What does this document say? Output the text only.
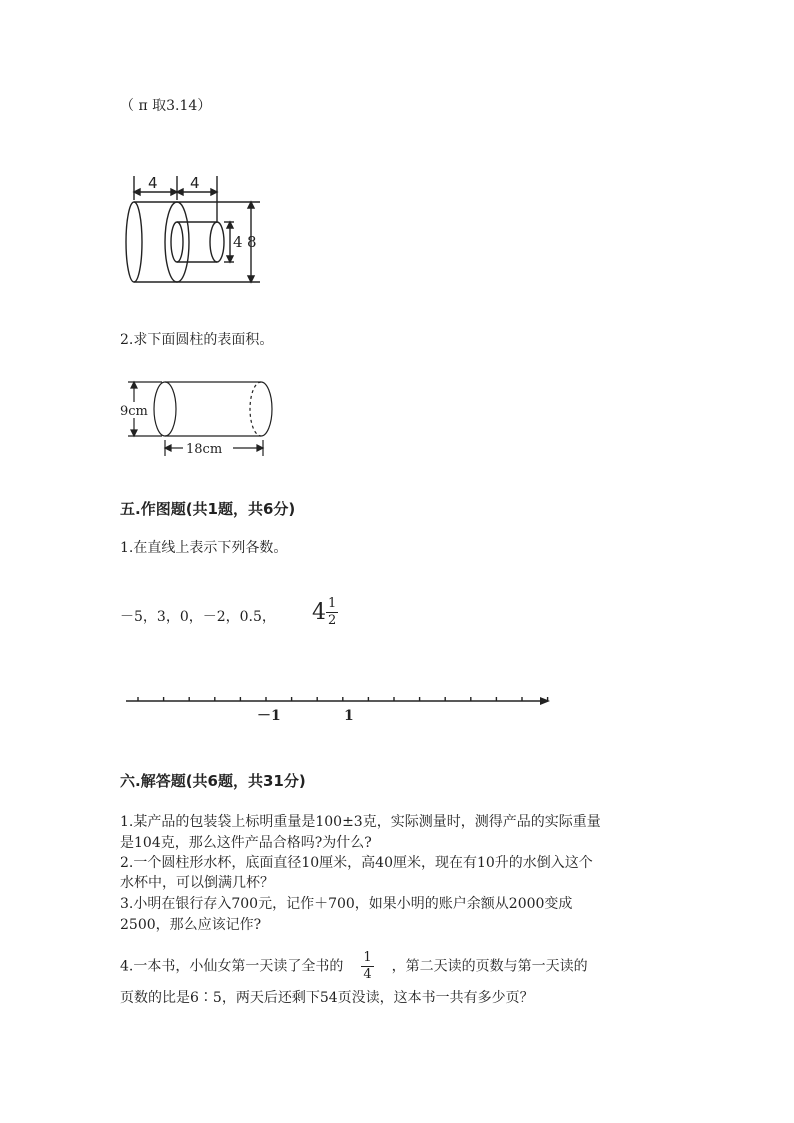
（ π 取3.14）
4 4
4 8
2.求下面圆柱的表面积。
9cm
18cm
五.作图题(共1题，共6分)
1.在直线上表示下列各数。
－5，3，0，－2，0.5， $4 \frac{1}{2}$
－1	1
六.解答题(共6题，共31分)
1.某产品的包装袋上标明重量是100±3克，实际测量时，测得产品的实际重量
是104克，那么这件产品合格吗?为什么?
2.一个圆柱形水杯，底面直径10厘米，高40厘米，现在有10升的水倒入这个
水杯中，可以倒满几杯？
3.小明在银行存入700元，记作＋700，如果小明的账户余额从2000变成
2500，那么应该记作?
4.一本书，小仙女第一天读了全书的 $\frac{1}{4}$ ，第二天读的页数与第一天读的
页数的比是6∶5，两天后还剩下54页没读，这本书一共有多少页？
